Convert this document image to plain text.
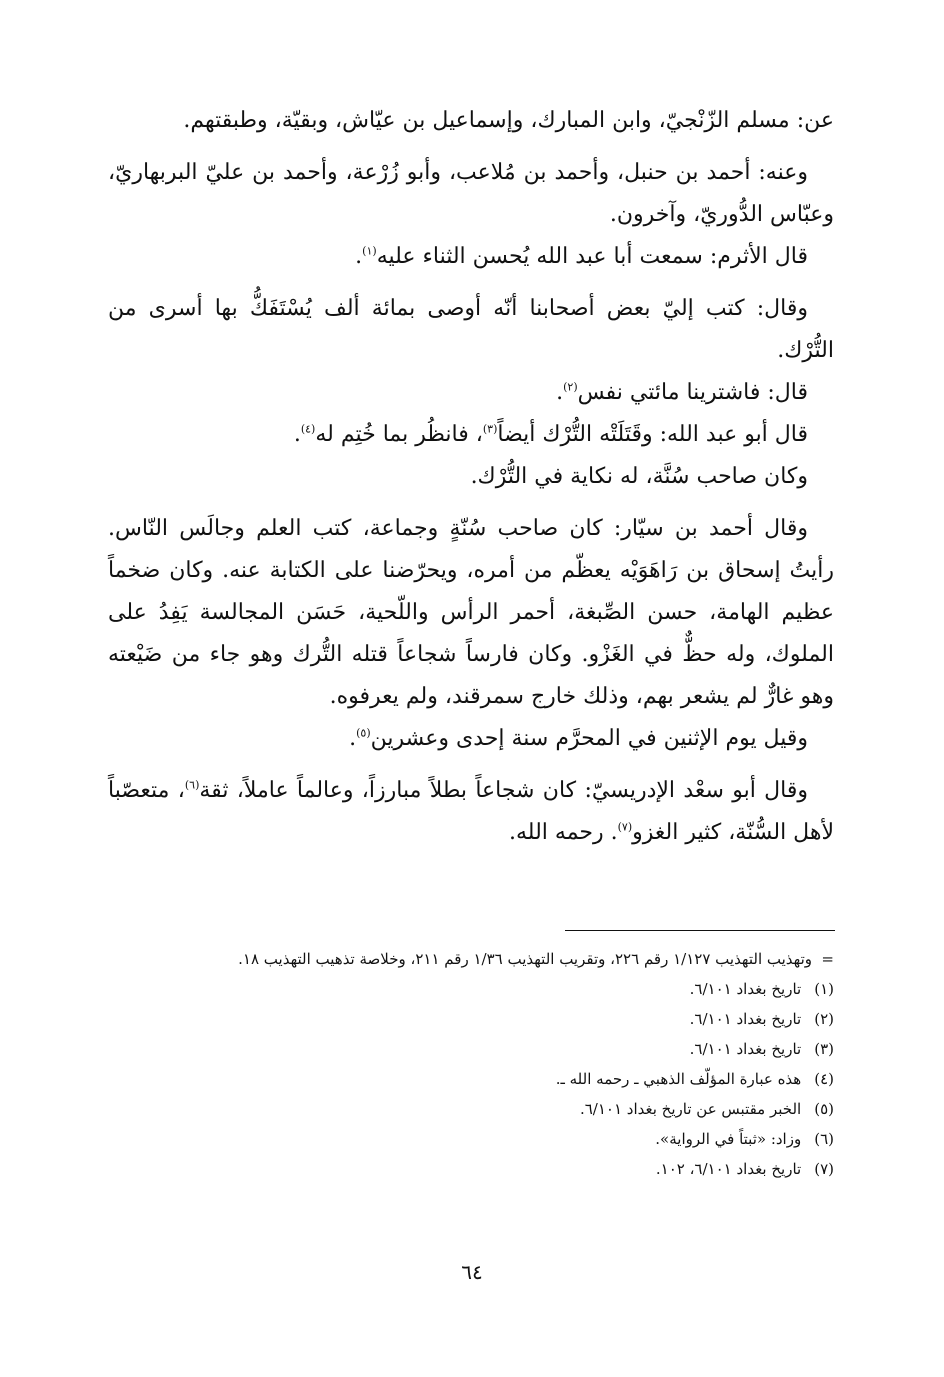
عن: مسلم الزّنْجيّ، وابن المبارك، وإسماعيل بن عيّاش، وبقيّة، وطبقتهم.

وعنه: أحمد بن حنبل، وأحمد بن مُلاعب، وأبو زُرْعة، وأحمد بن عليّ البربهاريّ، وعبّاس الدُّوريّ، وآخرون.

قال الأثرم: سمعت أبا عبد الله يُحسن الثناء عليه$^{(١)}$.

وقال: كتب إليّ بعض أصحابنا أنّه أوصى بمائة ألف يُسْتَفَكُّ بها أسرى من التُّرْك.

قال: فاشترينا مائتي نفس$^{(٢)}$.

قال أبو عبد الله: وقَتَلَتْه التُّرْك أيضاً$^{(٣)}$، فانظُر بما خُتِم له$^{(٤)}$.

وكان صاحب سُنَّة، له نكاية في التُّرْك.

وقال أحمد بن سيّار: كان صاحب سُنّةٍ وجماعة، كتب العلم وجالَس النّاس. رأيتُ إسحاق بن رَاهَوَيْه يعظّم من أمره، ويحرّضنا على الكتابة عنه. وكان ضخماً عظيم الهامة، حسن الصِّبغة، أحمر الرأس واللّحية، حَسَن المجالسة يَفِدُ على الملوك، وله حظٌّ في الغَزْو. وكان فارساً شجاعاً قتله التُّرك وهو جاء من ضَيْعته وهو غارٌّ لم يشعر بهم، وذلك خارج سمرقند، ولم يعرفوه.

وقيل يوم الإثنين في المحرَّم سنة إحدى وعشرين$^{(٥)}$.

وقال أبو سعْد الإدريسيّ: كان شجاعاً بطلاً مبارزاً، وعالماً عاملاً، ثقة$^{(٦)}$، متعصّباً لأهل السُّنّة، كثير الغزو$^{(٧)}$. رحمه الله.

=
وتهذيب التهذيب ١/١٢٧ رقم ٢٢٦، وتقريب التهذيب ١/٣٦ رقم ٢١١، وخلاصة تذهيب التهذيب ١٨.
(١) تاريخ بغداد ٦/١٠١.
(٢) تاريخ بغداد ٦/١٠١.
(٣) تاريخ بغداد ٦/١٠١.
(٤) هذه عبارة المؤلّف الذهبي ـ رحمه الله ـ.
(٥) الخبر مقتبس عن تاريخ بغداد ٦/١٠١.
(٦) وزاد: «ثبتاً في الرواية».
(٧) تاريخ بغداد ٦/١٠١، ١٠٢.
٦٤
